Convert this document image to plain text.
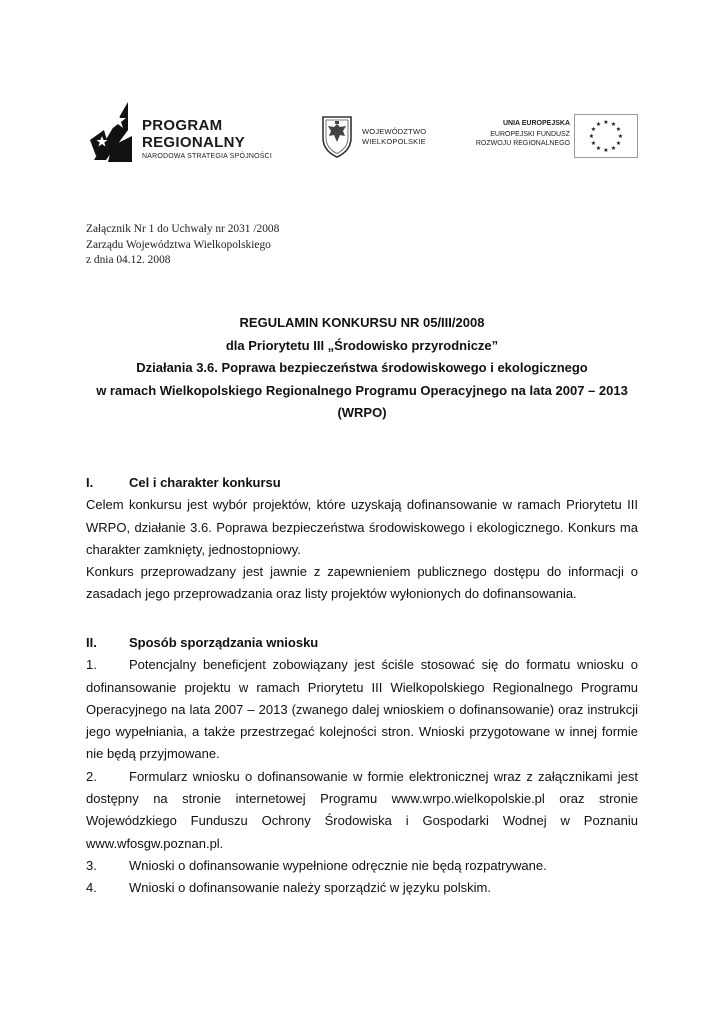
PROGRAM
REGIONALNY
NARODOWA STRATEGIA SPÓJNOŚCI
WOJEWÓDZTWO
WIELKOPOLSKIE
UNIA EUROPEJSKA
EUROPEJSKI FUNDUSZ
ROZWOJU REGIONALNEGO
★ ★
★
★
★
★
★
★
★
★
★
★
Załącznik Nr 1 do Uchwały nr 2031 /2008
Zarządu Województwa Wielkopolskiego
z dnia 04.12. 2008
REGULAMIN KONKURSU NR 05/III/2008
dla Priorytetu III „Środowisko przyrodnicze”
Działania 3.6. Poprawa bezpieczeństwa środowiskowego i ekologicznego
w ramach Wielkopolskiego Regionalnego Programu Operacyjnego na lata 2007 – 2013
(WRPO)
I.	Cel i charakter konkursu

Celem konkursu jest wybór projektów, które uzyskają dofinansowanie w ramach Priorytetu III WRPO, działanie 3.6. Poprawa bezpieczeństwa środowiskowego i ekologicznego. Konkurs ma charakter zamknięty, jednostopniowy.

Konkurs przeprowadzany jest jawnie z zapewnieniem publicznego dostępu do informacji o zasadach jego przeprowadzania oraz listy projektów wyłonionych do dofinansowania.

II. Sposób sporządzania wniosku

1. Potencjalny beneficjent zobowiązany jest ściśle stosować się do formatu wniosku o dofinansowanie projektu w ramach Priorytetu III Wielkopolskiego Regionalnego Programu Operacyjnego na lata 2007 – 2013 (zwanego dalej wnioskiem o dofinansowanie) oraz instrukcji jego wypełniania, a także przestrzegać kolejności stron. Wnioski przygotowane w innej formie nie będą przyjmowane.

2. Formularz wniosku o dofinansowanie w formie elektronicznej wraz z załącznikami jest dostępny na stronie internetowej Programu www.wrpo.wielkopolskie.pl oraz stronie Wojewódzkiego Funduszu Ochrony Środowiska i Gospodarki Wodnej w Poznaniu www.wfosgw.poznan.pl.

3. Wnioski o dofinansowanie wypełnione odręcznie nie będą rozpatrywane.

4. Wnioski o dofinansowanie należy sporządzić w języku polskim.
